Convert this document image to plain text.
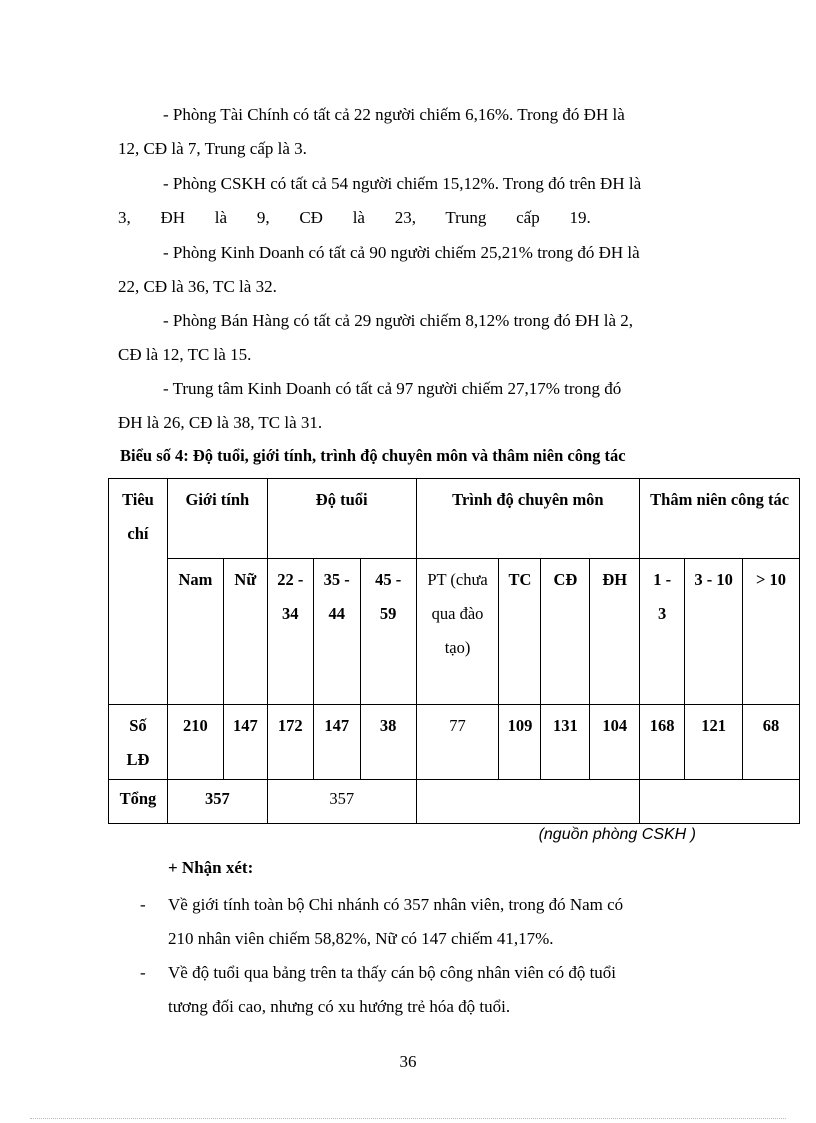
- Phòng Tài Chính có tất cả 22 người chiếm 6,16%. Trong đó ĐH là

12, CĐ là 7, Trung cấp là 3.

- Phòng CSKH có tất cả 54 người chiếm 15,12%. Trong đó trên ĐH là

3,       ĐH       là       9,       CĐ       là       23,       Trung       cấp       19.

- Phòng Kinh Doanh có tất cả 90 người chiếm 25,21% trong đó ĐH là

22, CĐ là 36, TC là 32.

- Phòng Bán Hàng có tất cả 29 người chiếm 8,12% trong đó ĐH là 2,

CĐ là 12, TC là 15.

- Trung tâm Kinh Doanh có tất cả 97 người chiếm 27,17% trong đó

ĐH là 26, CĐ là 38, TC là 31.

Biểu số 4: Độ tuổi, giới tính, trình độ chuyên môn và thâm niên công tác
Tiêu chí	Giới tính		Độ tuổi			Trình độ chuyên môn				Thâm niên công tác		
	Nam	Nữ	22 - 34	35 - 44	45 - 59	PT (chưa qua đào tạo)	TC	CĐ	ĐH	1 - 3	3 - 10	> 10
Số LĐ	210	147	172	147	38	77	109	131	104	168	121	68
Tổng	357		357									
(nguồn phòng CSKH )
+ Nhận xét:
-	Về giới tính toàn bộ Chi nhánh có 357 nhân viên, trong đó Nam có
210 nhân viên chiếm 58,82%, Nữ có 147 chiếm 41,17%.
-	Về độ tuổi qua bảng trên ta thấy cán bộ công nhân viên có độ tuổi
tương đối cao, nhưng có xu hướng trẻ hóa độ tuổi.
36
